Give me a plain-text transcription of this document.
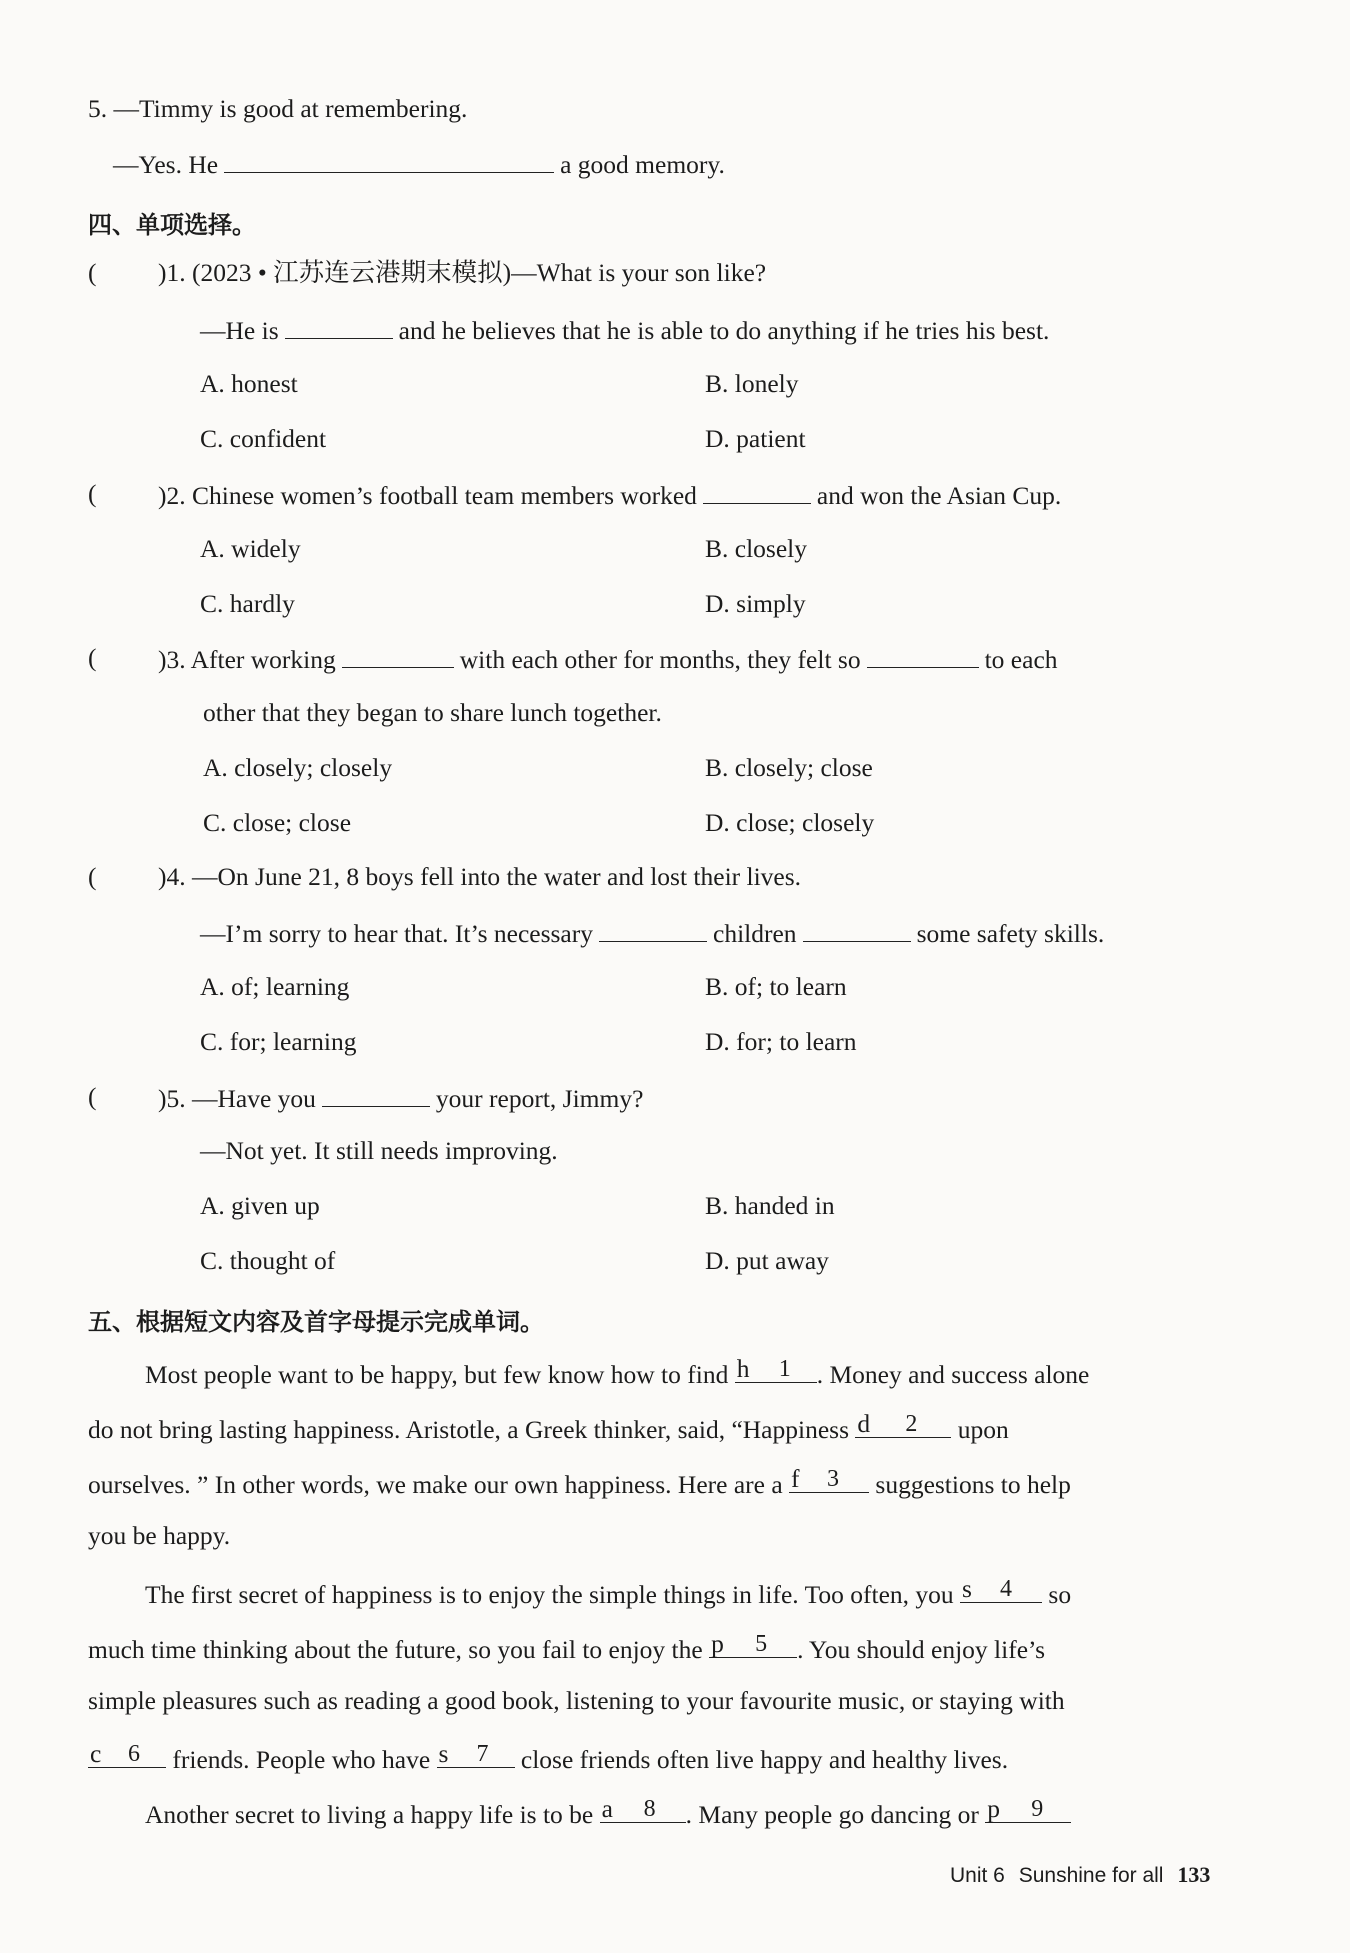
5. —Timmy is good at remembering.
—Yes. He	a good memory.
四、单项选择。
( )1. (2023 • 江苏连云港期末模拟)—What is your son like?
—He is	and he believes that he is able to do anything if he tries his best.
A. honest	B. lonely
C. confident	D. patient
( )2. Chinese women’s football team members worked	and won the Asian Cup.
A. widely	B. closely
C. hardly	D. simply
( )3. After working	with each other for months, they felt so	to each
other that they began to share lunch together.
A. closely; closely	B. closely; close
C. close; close	D. close; closely
( )4. —On June 21, 8 boys fell into the water and lost their lives.
—I’m sorry to hear that. It’s necessary	children	some safety skills.
A. of; learning	B. of; to learn
C. for; learning	D. for; to learn
( )5. —Have you	your report, Jimmy?
—Not yet. It still needs improving.
A. given up	B. handed in
C. thought of	D. put away
五、根据短文内容及首字母提示完成单词。
Most people want to be happy, but few know how to find h 1 . Money and success alone
do not bring lasting happiness. Aristotle, a Greek thinker, said, “Happiness d 2 upon
ourselves. ” In other words, we make our own happiness. Here are a f 3 suggestions to help
you be happy.
The first secret of happiness is to enjoy the simple things in life. Too often, you s 4 so
much time thinking about the future, so you fail to enjoy the p 5 . You should enjoy life’s
simple pleasures such as reading a good book, listening to your favourite music, or staying with
c 6 friends. People who have s 7 close friends often live happy and healthy lives.
Another secret to living a happy life is to be a 8 . Many people go dancing or p 9
Unit 6 Sunshine for all 133
